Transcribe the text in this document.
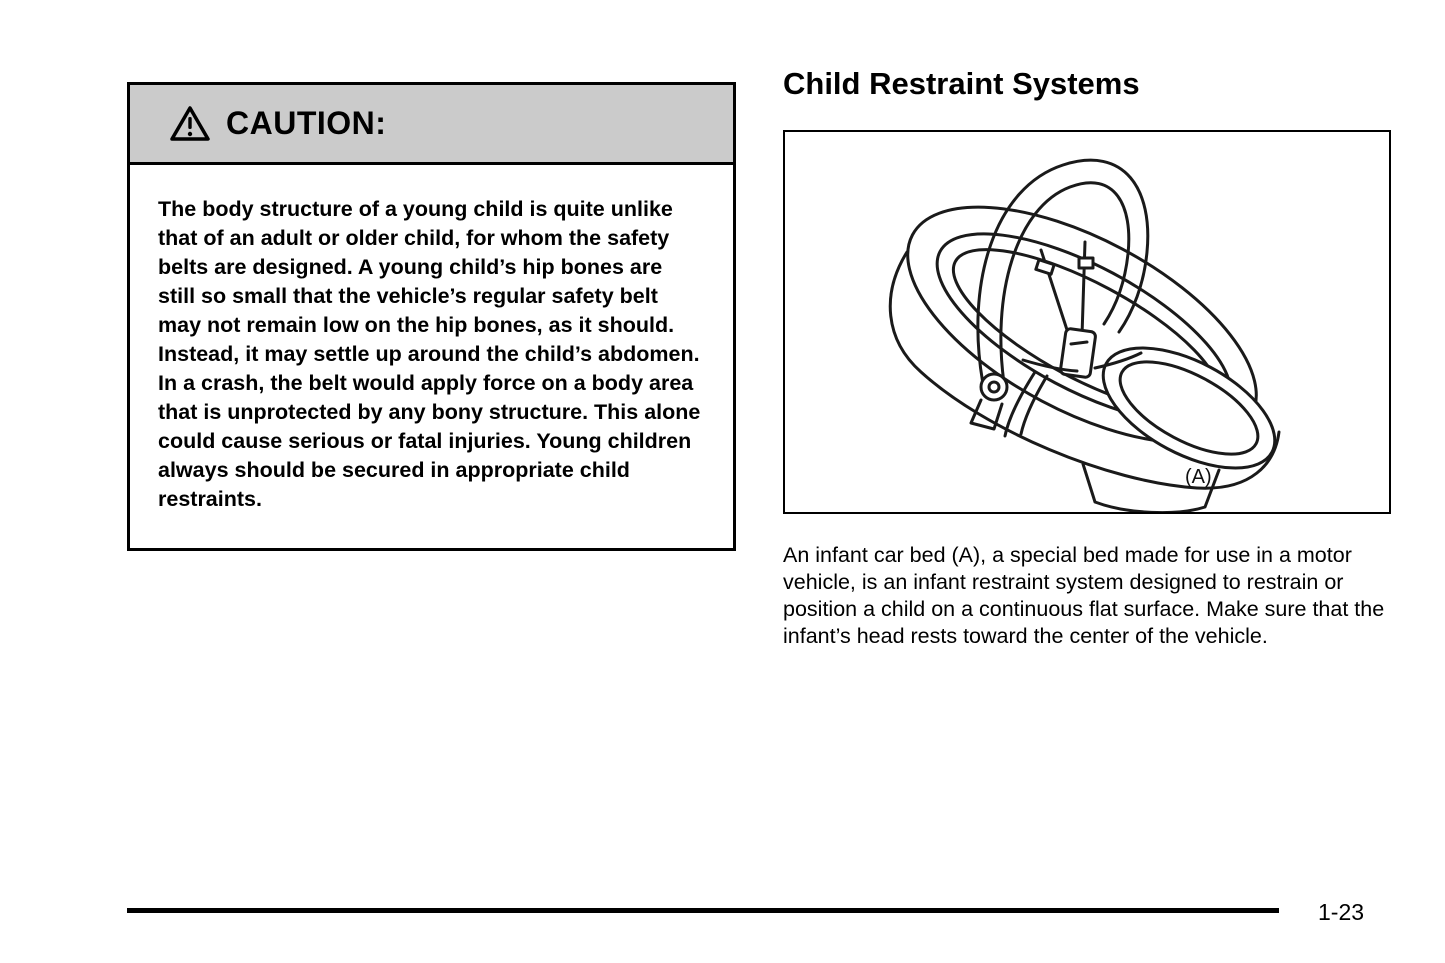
CAUTION:
The body structure of a young child is quite unlike that of an adult or older child, for whom the safety belts are designed. A young child’s hip bones are still so small that the vehicle’s regular safety belt may not remain low on the hip bones, as it should. Instead, it may settle up around the child’s abdomen. In a crash, the belt would apply force on a body area that is unprotected by any bony structure. This alone could cause serious or fatal injuries. Young children always should be secured in appropriate child restraints.
Child Restraint Systems
(A)

An infant car bed (A), a special bed made for use in a motor vehicle, is an infant restraint system designed to restrain or position a child on a continuous flat surface. Make sure that the infant’s head rests toward the center of the vehicle.

1-23
